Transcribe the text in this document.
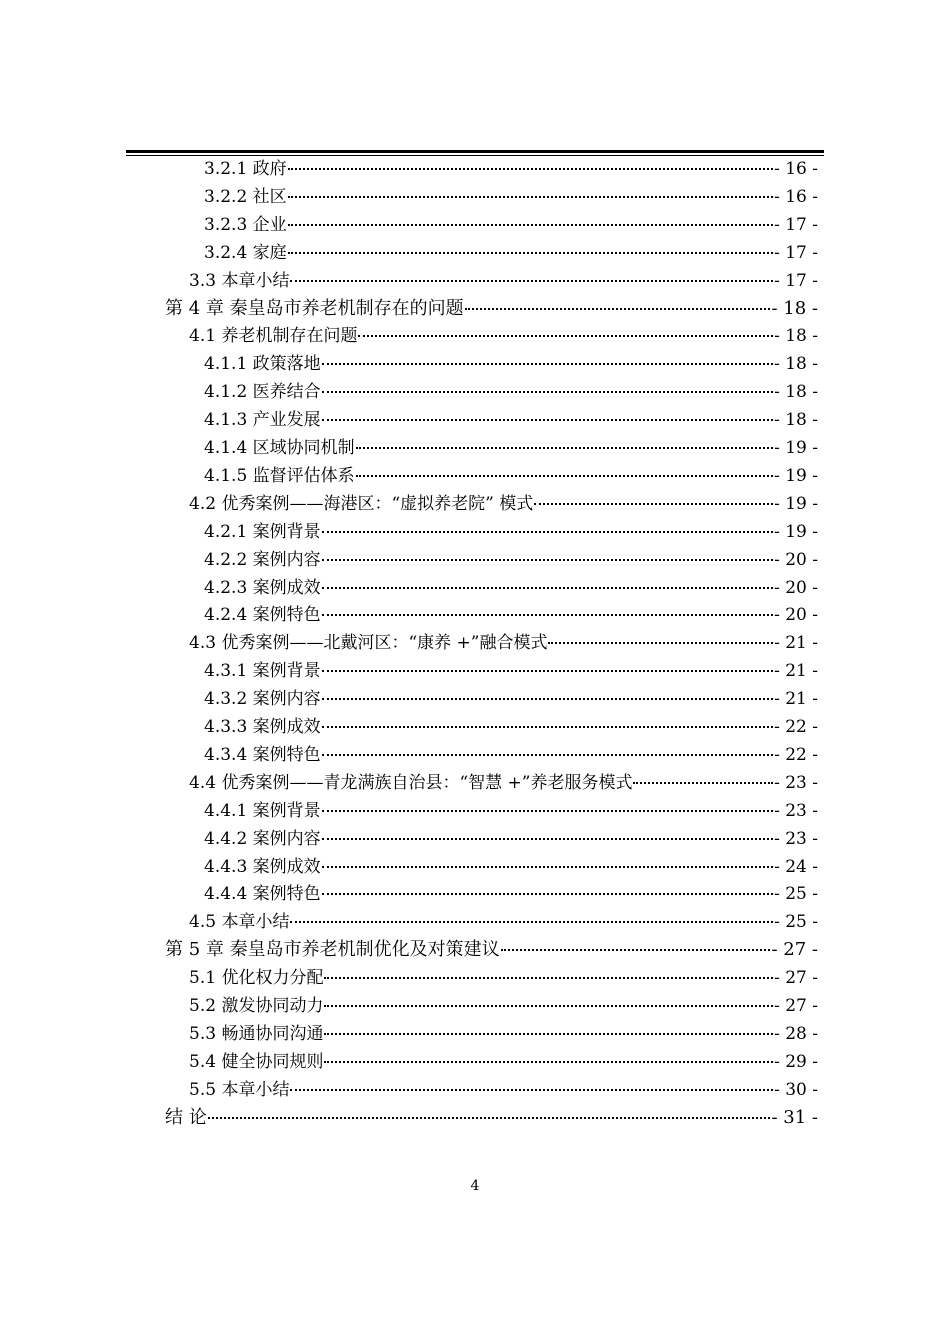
3.2.1 政府	- 16 -
3.2.2 社区	- 16 -
3.2.3 企业	- 17 -
3.2.4 家庭	- 17 -
3.3 本章小结	- 17 -
第 4 章 秦皇岛市养老机制存在的问题	- 18 -
4.1 养老机制存在问题	- 18 -
4.1.1 政策落地	- 18 -
4.1.2 医养结合	- 18 -
4.1.3 产业发展	- 18 -
4.1.4 区域协同机制	- 19 -
4.1.5 监督评估体系	- 19 -
4.2 优秀案例——海港区：“虚拟养老院” 模式	- 19 -
4.2.1 案例背景	- 19 -
4.2.2 案例内容	- 20 -
4.2.3 案例成效	- 20 -
4.2.4 案例特色	- 20 -
4.3 优秀案例——北戴河区：“康养 +”融合模式	- 21 -
4.3.1 案例背景	- 21 -
4.3.2 案例内容	- 21 -
4.3.3 案例成效	- 22 -
4.3.4 案例特色	- 22 -
4.4 优秀案例——青龙满族自治县：“智慧 +”养老服务模式	- 23 -
4.4.1 案例背景	- 23 -
4.4.2 案例内容	- 23 -
4.4.3 案例成效	- 24 -
4.4.4 案例特色	- 25 -
4.5 本章小结	- 25 -
第 5 章 秦皇岛市养老机制优化及对策建议	- 27 -
5.1 优化权力分配	- 27 -
5.2 激发协同动力	- 27 -
5.3 畅通协同沟通	- 28 -
5.4 健全协同规则	- 29 -
5.5 本章小结	- 30 -
结 论	- 31 -
4
